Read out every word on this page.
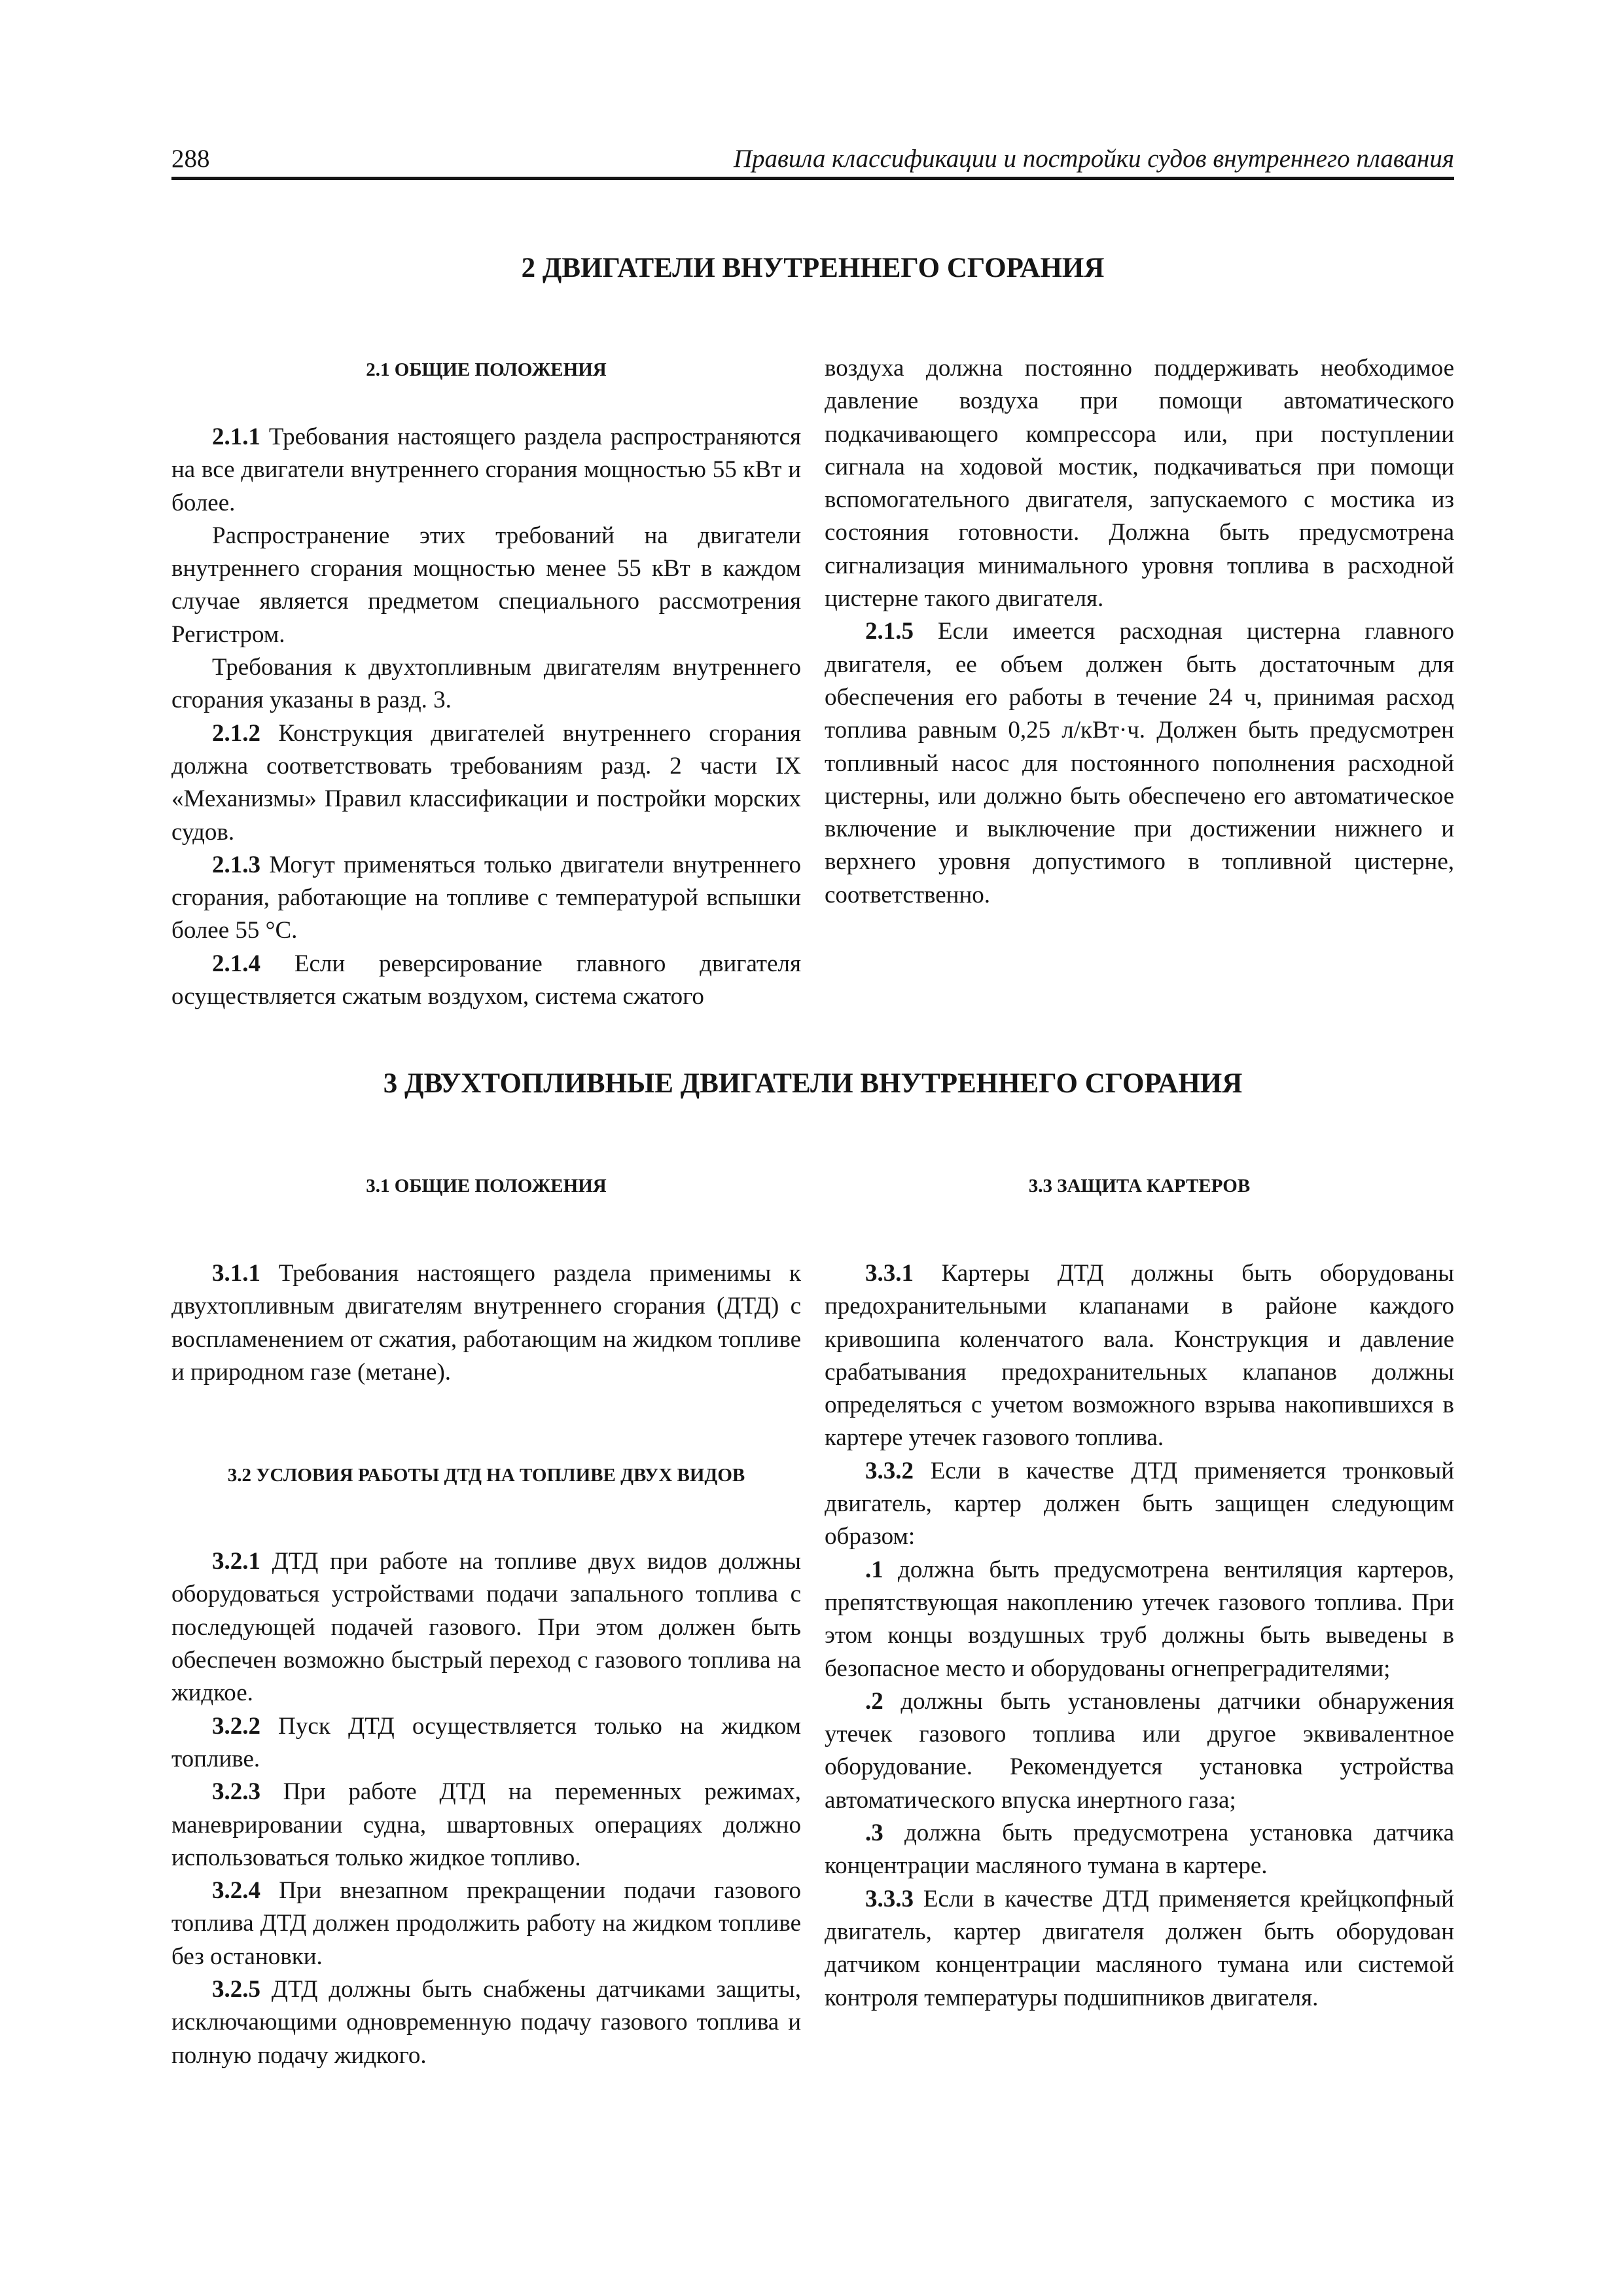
288	Правила классификации и постройки судов внутреннего плавания
2 ДВИГАТЕЛИ ВНУТРЕННЕГО СГОРАНИЯ
2.1 ОБЩИЕ ПОЛОЖЕНИЯ

2.1.1 Требования настоящего раздела распространяются на все двигатели внутреннего сгорания мощностью 55 кВт и более.

Распространение этих требований на двигатели внутреннего сгорания мощностью менее 55 кВт в каждом случае является предметом специального рассмотрения Регистром.

Требования к двухтопливным двигателям внутреннего сгорания указаны в разд. 3.

2.1.2 Конструкция двигателей внутреннего сгорания должна соответствовать требованиям разд. 2 части IX «Механизмы» Правил классификации и постройки морских судов.

2.1.3 Могут применяться только двигатели внутреннего сгорания, работающие на топливе с температурой вспышки более 55 °С.

2.1.4 Если реверсирование главного двигателя осуществляется сжатым воздухом, система сжатого

воздуха должна постоянно поддерживать необходимое давление воздуха при помощи автоматического подкачивающего компрессора или, при поступлении сигнала на ходовой мостик, подкачиваться при помощи вспомогательного двигателя, запускаемого с мостика из состояния готовности. Должна быть предусмотрена сигнализация минимального уровня топлива в расходной цистерне такого двигателя.

2.1.5 Если имеется расходная цистерна главного двигателя, ее объем должен быть достаточным для обеспечения его работы в течение 24 ч, принимая расход топлива равным 0,25 л/кВт·ч. Должен быть предусмотрен топливный насос для постоянного пополнения расходной цистерны, или должно быть обеспечено его автоматическое включение и выключение при достижении нижнего и верхнего уровня допустимого в топливной цистерне, соответственно.

3 ДВУХТОПЛИВНЫЕ ДВИГАТЕЛИ ВНУТРЕННЕГО СГОРАНИЯ
3.1 ОБЩИЕ ПОЛОЖЕНИЯ

3.1.1 Требования настоящего раздела применимы к двухтопливным двигателям внутреннего сгорания (ДТД) с воспламенением от сжатия, работающим на жидком топливе и природном газе (метане).

3.2 УСЛОВИЯ РАБОТЫ ДТД НА ТОПЛИВЕ ДВУХ ВИДОВ

3.2.1 ДТД при работе на топливе двух видов должны оборудоваться устройствами подачи запального топлива с последующей подачей газового. При этом должен быть обеспечен возможно быстрый переход с газового топлива на жидкое.

3.2.2 Пуск ДТД осуществляется только на жидком топливе.

3.2.3 При работе ДТД на переменных режимах, маневрировании судна, швартовных операциях должно использоваться только жидкое топливо.

3.2.4 При внезапном прекращении подачи газового топлива ДТД должен продолжить работу на жидком топливе без остановки.

3.2.5 ДТД должны быть снабжены датчиками защиты, исключающими одновременную подачу газового топлива и полную подачу жидкого.

3.3 ЗАЩИТА КАРТЕРОВ

3.3.1 Картеры ДТД должны быть оборудованы предохранительными клапанами в районе каждого кривошипа коленчатого вала. Конструкция и давление срабатывания предохранительных клапанов должны определяться с учетом возможного взрыва накопившихся в картере утечек газового топлива.

3.3.2 Если в качестве ДТД применяется тронковый двигатель, картер должен быть защищен следующим образом:

.1 должна быть предусмотрена вентиляция картеров, препятствующая накоплению утечек газового топлива. При этом концы воздушных труб должны быть выведены в безопасное место и оборудованы огнепреградителями;

.2 должны быть установлены датчики обнаружения утечек газового топлива или другое эквивалентное оборудование. Рекомендуется установка устройства автоматического впуска инертного газа;

.3 должна быть предусмотрена установка датчика концентрации масляного тумана в картере.

3.3.3 Если в качестве ДТД применяется крейцкопфный двигатель, картер двигателя должен быть оборудован датчиком концентрации масляного тумана или системой контроля температуры подшипников двигателя.
